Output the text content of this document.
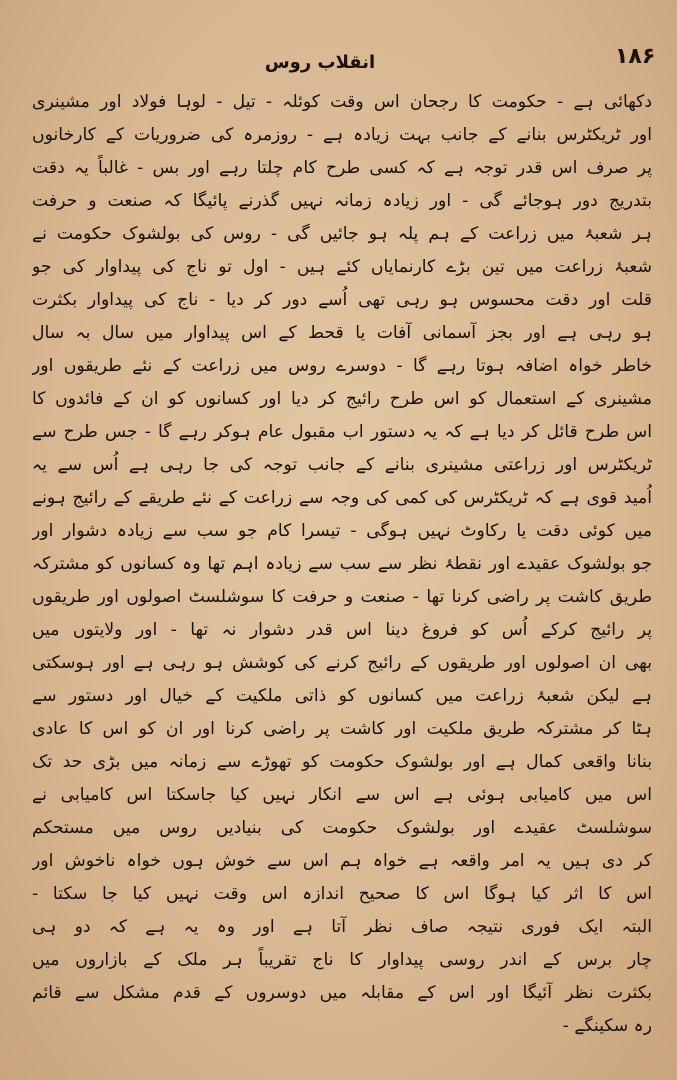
۱۸۶
انقلاب روس
دکھائی ہے - حکومت کا رجحان اس وقت کوئلہ - تیل - لوہا فولاد اور مشینری
اور ٹریکٹرس بنانے کے جانب بہت زیادہ ہے - روزمرہ کی ضروریات کے کارخانوں
پر صرف اس قدر توجہ ہے کہ کسی طرح کام چلتا رہے اور بس - غالباً یہ دقت
بتدریج دور ہوجائے گی - اور زیادہ زمانہ نہیں گذرنے پائیگا کہ صنعت و حرفت
ہر شعبۂ میں زراعت کے ہم پلہ ہو جائیں گی - روس کی بولشوک حکومت نے
شعبۂ زراعت میں تین بڑے کارنمایاں کئے ہیں - اول تو ناج کی پیداوار کی جو
قلت اور دقت محسوس ہو رہی تھی اُسے دور کر دیا - ناج کی پیداوار بکثرت
ہو رہی ہے اور بجز آسمانی آفات یا قحط کے اس پیداوار میں سال بہ سال
خاطر خواہ اضافہ ہوتا رہے گا - دوسرے روس میں زراعت کے نئے طریقوں اور
مشینری کے استعمال کو اس طرح رائیج کر دیا اور کسانوں کو ان کے فائدوں کا
اس طرح قائل کر دیا ہے کہ یہ دستور اب مقبول عام ہوکر رہے گا - جس طرح سے
ٹریکٹرس اور زراعتی مشینری بنانے کے جانب توجہ کی جا رہی ہے اُس سے یہ
اُمید قوی ہے کہ ٹریکٹرس کی کمی کی وجہ سے زراعت کے نئے طریقے کے رائیج ہونے
میں کوئی دقت یا رکاوٹ نہیں ہوگی - تیسرا کام جو سب سے زیادہ دشوار اور
جو بولشوک عقیدے اور نقطۂ نظر سے سب سے زیادہ اہم تھا وہ کسانوں کو مشترکہ
طریق کاشت پر راضی کرنا تھا - صنعت و حرفت کا سوشلسٹ اصولوں اور طریقوں
پر رائیج کرکے اُس کو فروغ دینا اس قدر دشوار نہ تھا - اور ولایتوں میں
بھی ان اصولوں اور طریقوں کے رائیج کرنے کی کوشش ہو رہی ہے اور ہوسکتی
ہے لیکن شعبۂ زراعت میں کسانوں کو ذاتی ملکیت کے خیال اور دستور سے
ہٹا کر مشترکہ طریق ملکیت اور کاشت پر راضی کرنا اور ان کو اس کا عادی
بنانا واقعی کمال ہے اور بولشوک حکومت کو تھوڑے سے زمانہ میں بڑی حد تک
اس میں کامیابی ہوئی ہے اس سے انکار نہیں کیا جاسکتا اس کامیابی نے
سوشلسٹ عقیدے اور بولشوک حکومت کی بنیادیں روس میں مستحکم
کر دی ہیں یہ امر واقعہ ہے خواہ ہم اس سے خوش ہوں خواہ ناخوش اور
اس کا اثر کیا ہوگا اس کا صحیح اندازہ اس وقت نہیں کیا جا سکتا -
البتہ ایک فوری نتیجہ صاف نظر آتا ہے اور وہ یہ ہے کہ دو ہی
چار برس کے اندر روسی پیداوار کا ناج تقریباً ہر ملک کے بازاروں میں
بکثرت نظر آئیگا اور اس کے مقابلہ میں دوسروں کے قدم مشکل سے قائم
رہ سکینگے -
